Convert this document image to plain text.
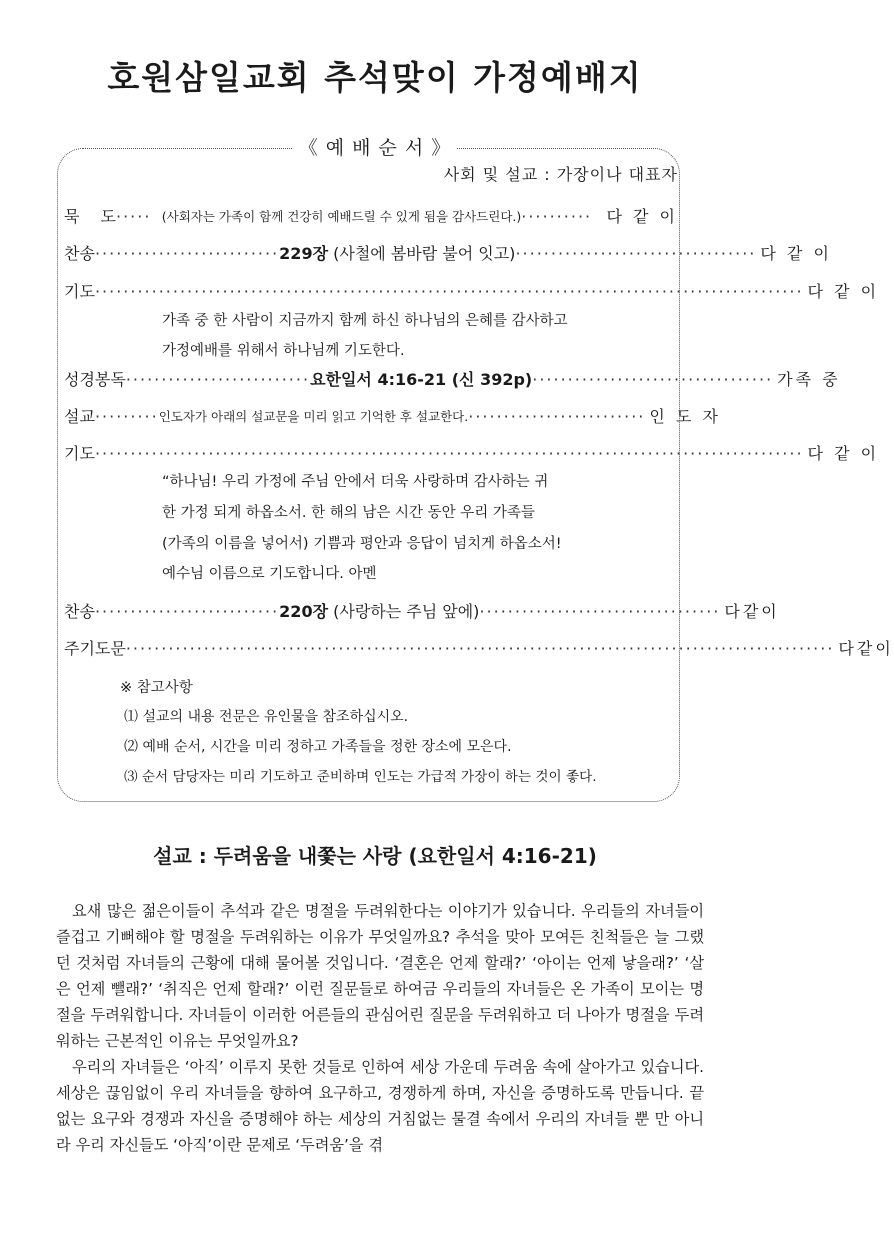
호원삼일교회 추석맞이 가정예배지
《 예 배 순 서 》
사회 및 설교 : 가장이나 대표자
묵 도 ····· (사회자는 가족이 함께 건강히 예배드릴 수 있게 됨을 감사드린다.) ·········· 다 같 이
찬 송 ·························· 229장
(사철에 봄바람 불어 잇고) ·································· 다 같 이
기 도 ···································································································· 다 같 이
가족 중 한 사람이 지금까지 함께 하신 하나님의 은혜를 감사하고
가정예배를 위해서 하나님께 기도한다.
성경봉독 ·························· 요한일서 4:16-21 (신 392p) ·································· 가족 중
설 교 ········· 인도자가 아래의 설교문을 미리 읽고 기억한 후 설교한다. ························· 인 도 자
기 도 ···································································································· 다 같 이
“하나님! 우리 가정에 주님 안에서 더욱 사랑하며 감사하는 귀
한 가정 되게 하옵소서. 한 해의 남은 시간 동안 우리 가족들
(가족의 이름을 넣어서) 기쁨과 평안과 응답이 넘치게 하옵소서!
예수님 이름으로 기도합니다. 아멘
찬 송 ·························· 220장
(사랑하는 주님 앞에) ·································· 다같이
주기도문 ···································································································· 다같이
※ 참고사항
⑴ 설교의 내용 전문은 유인물을 참조하십시오.
⑵ 예배 순서, 시간을 미리 정하고 가족들을 정한 장소에 모은다.
⑶ 순서 담당자는 미리 기도하고 준비하며 인도는 가급적 가장이 하는 것이 좋다.
설교 : 두려움을 내쫓는 사랑 (요한일서 4:16-21)

요새 많은 젊은이들이 추석과 같은 명절을 두려워한다는 이야기가 있습니다. 우리들의 자녀들이 즐겁고 기뻐해야 할 명절을 두려워하는 이유가 무엇일까요? 추석을 맞아 모여든 친척들은 늘 그랬던 것처럼 자녀들의 근황에 대해 물어볼 것입니다. ‘결혼은 언제 할래?’ ‘아이는 언제 낳을래?’ ‘살은 언제 뺄래?’ ‘취직은 언제 할래?’ 이런 질문들로 하여금 우리들의 자녀들은 온 가족이 모이는 명절을 두려워합니다. 자녀들이 이러한 어른들의 관심어린 질문을 두려워하고 더 나아가 명절을 두려워하는 근본적인 이유는 무엇일까요?

우리의 자녀들은 ‘아직’ 이루지 못한 것들로 인하여 세상 가운데 두려움 속에 살아가고 있습니다. 세상은 끊임없이 우리 자녀들을 향하여 요구하고, 경쟁하게 하며, 자신을 증명하도록 만듭니다. 끝없는 요구와 경쟁과 자신을 증명해야 하는 세상의 거침없는 물결 속에서 우리의 자녀들 뿐 만 아니라 우리 자신들도 ‘아직’이란 문제로 ‘두려움’을 겪
